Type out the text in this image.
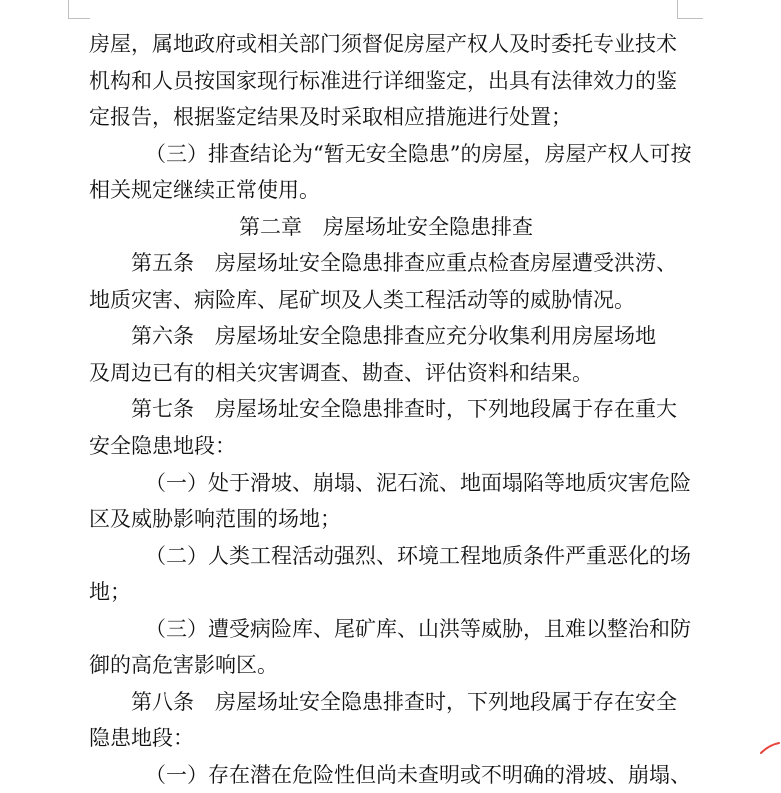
房屋，属地政府或相关部门须督促房屋产权人及时委托专业技术
机构和人员按国家现行标准进行详细鉴定，出具有法律效力的鉴
定报告，根据鉴定结果及时采取相应措施进行处置；
（三）排查结论为“暂无安全隐患”的房屋，房屋产权人可按
相关规定继续正常使用。
第二章　房屋场址安全隐患排查
第五条　房屋场址安全隐患排查应重点检查房屋遭受洪涝、
地质灾害、病险库、尾矿坝及人类工程活动等的威胁情况。
第六条　房屋场址安全隐患排查应充分收集利用房屋场地
及周边已有的相关灾害调查、勘查、评估资料和结果。
第七条　房屋场址安全隐患排查时，下列地段属于存在重大
安全隐患地段：
（一）处于滑坡、崩塌、泥石流、地面塌陷等地质灾害危险
区及威胁影响范围的场地；
（二）人类工程活动强烈、环境工程地质条件严重恶化的场
地；
（三）遭受病险库、尾矿库、山洪等威胁，且难以整治和防
御的高危害影响区。
第八条　房屋场址安全隐患排查时，下列地段属于存在安全
隐患地段：
（一）存在潜在危险性但尚未查明或不明确的滑坡、崩塌、
